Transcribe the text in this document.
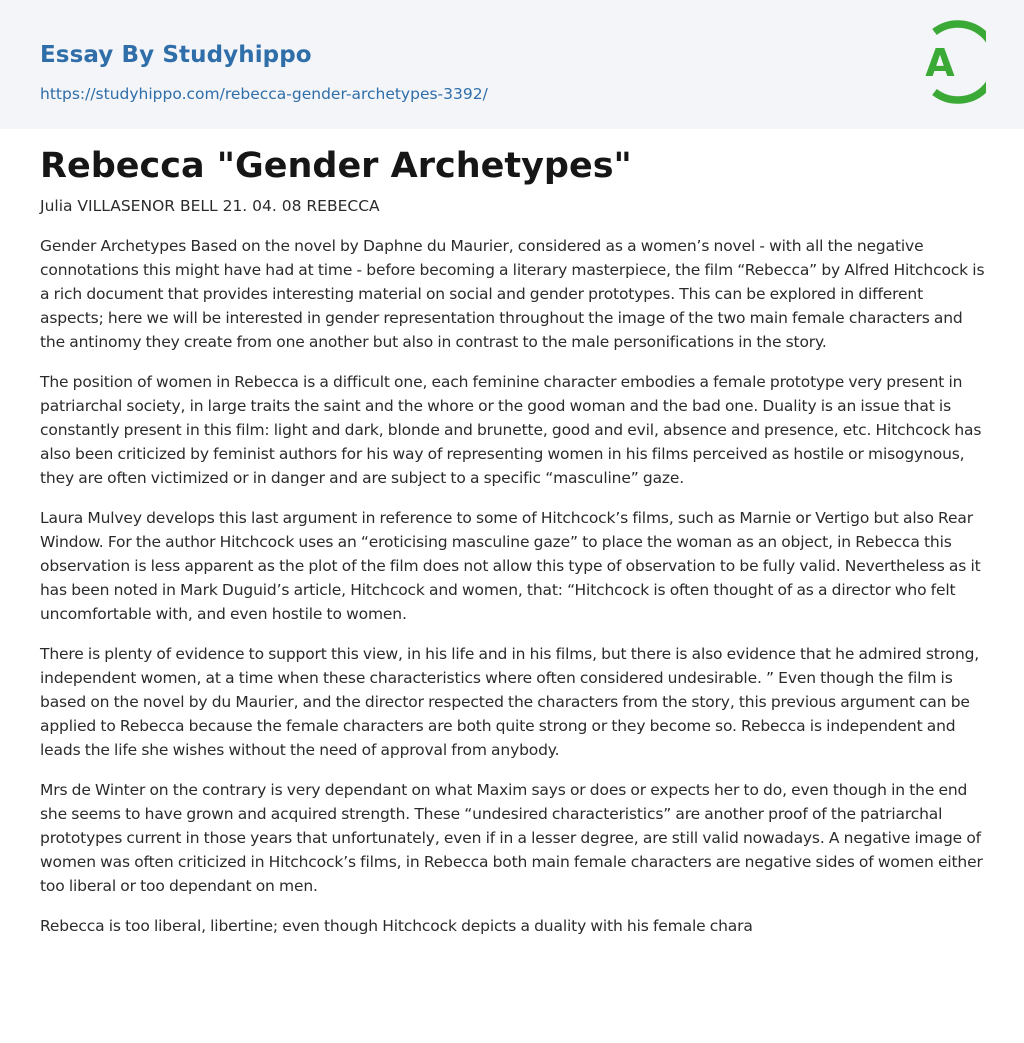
Essay By Studyhippo
https://studyhippo.com/rebecca-gender-archetypes-3392/
A
Rebecca "Gender Archetypes"
Julia VILLASENOR BELL 21. 04. 08 REBECCA

Gender Archetypes Based on the novel by Daphne du Maurier, considered as a women’s novel - with all the negative connotations this might have had at time - before becoming a literary masterpiece, the film “Rebecca” by Alfred Hitchcock is a rich document that provides interesting material on social and gender prototypes. This can be explored in different aspects; here we will be interested in gender representation throughout the image of the two main female characters and the antinomy they create from one another but also in contrast to the male personifications in the story.

The position of women in Rebecca is a difficult one, each feminine character embodies a female prototype very present in patriarchal society, in large traits the saint and the whore or the good woman and the bad one. Duality is an issue that is constantly present in this film: light and dark, blonde and brunette, good and evil, absence and presence, etc. Hitchcock has also been criticized by feminist authors for his way of representing women in his films perceived as hostile or misogynous, they are often victimized or in danger and are subject to a specific “masculine” gaze.

Laura Mulvey develops this last argument in reference to some of Hitchcock’s films, such as Marnie or Vertigo but also Rear Window. For the author Hitchcock uses an “eroticising masculine gaze” to place the woman as an object, in Rebecca this observation is less apparent as the plot of the film does not allow this type of observation to be fully valid. Nevertheless as it has been noted in Mark Duguid’s article, Hitchcock and women, that: “Hitchcock is often thought of as a director who felt uncomfortable with, and even hostile to women.

There is plenty of evidence to support this view, in his life and in his films, but there is also evidence that he admired strong, independent women, at a time when these characteristics where often considered undesirable. ” Even though the film is based on the novel by du Maurier, and the director respected the characters from the story, this previous argument can be applied to Rebecca because the female characters are both quite strong or they become so. Rebecca is independent and leads the life she wishes without the need of approval from anybody.

Mrs de Winter on the contrary is very dependant on what Maxim says or does or expects her to do, even though in the end she seems to have grown and acquired strength. These “undesired characteristics” are another proof of the patriarchal prototypes current in those years that unfortunately, even if in a lesser degree, are still valid nowadays. A negative image of women was often criticized in Hitchcock’s films, in Rebecca both main female characters are negative sides of women either too liberal or too dependant on men.

Rebecca is too liberal, libertine; even though Hitchcock depicts a duality with his female chara
